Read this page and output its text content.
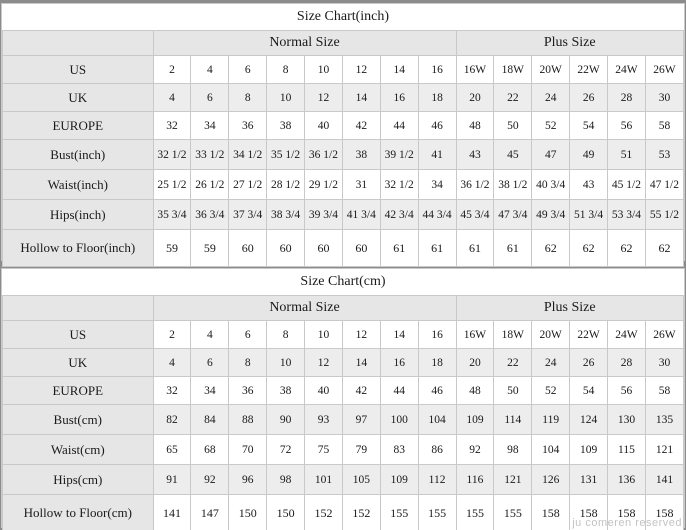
Size Chart(inch)														
	Normal Size								Plus Size					
US	2	4	6	8	10	12	14	16	16W	18W	20W	22W	24W	26W
UK	4	6	8	10	12	14	16	18	20	22	24	26	28	30
EUROPE	32	34	36	38	40	42	44	46	48	50	52	54	56	58
Bust(inch)	32 1/2	33 1/2	34 1/2	35 1/2	36 1/2	38	39 1/2	41	43	45	47	49	51	53
Waist(inch)	25 1/2	26 1/2	27 1/2	28 1/2	29 1/2	31	32 1/2	34	36 1/2	38 1/2	40 3/4	43	45 1/2	47 1/2
Hips(inch)	35 3/4	36 3/4	37 3/4	38 3/4	39 3/4	41 3/4	42 3/4	44 3/4	45 3/4	47 3/4	49 3/4	51 3/4	53 3/4	55 1/2
Hollow to Floor(inch)	59	59	60	60	60	60	61	61	61	61	62	62	62	62
Size Chart(cm)														
	Normal Size								Plus Size					
US	2	4	6	8	10	12	14	16	16W	18W	20W	22W	24W	26W
UK	4	6	8	10	12	14	16	18	20	22	24	26	28	30
EUROPE	32	34	36	38	40	42	44	46	48	50	52	54	56	58
Bust(cm)	82	84	88	90	93	97	100	104	109	114	119	124	130	135
Waist(cm)	65	68	70	72	75	79	83	86	92	98	104	109	115	121
Hips(cm)	91	92	96	98	101	105	109	112	116	121	126	131	136	141
Hollow to Floor(cm)	141	147	150	150	152	152	155	155	155	155	158	158	158	158
ju comeren reserved
